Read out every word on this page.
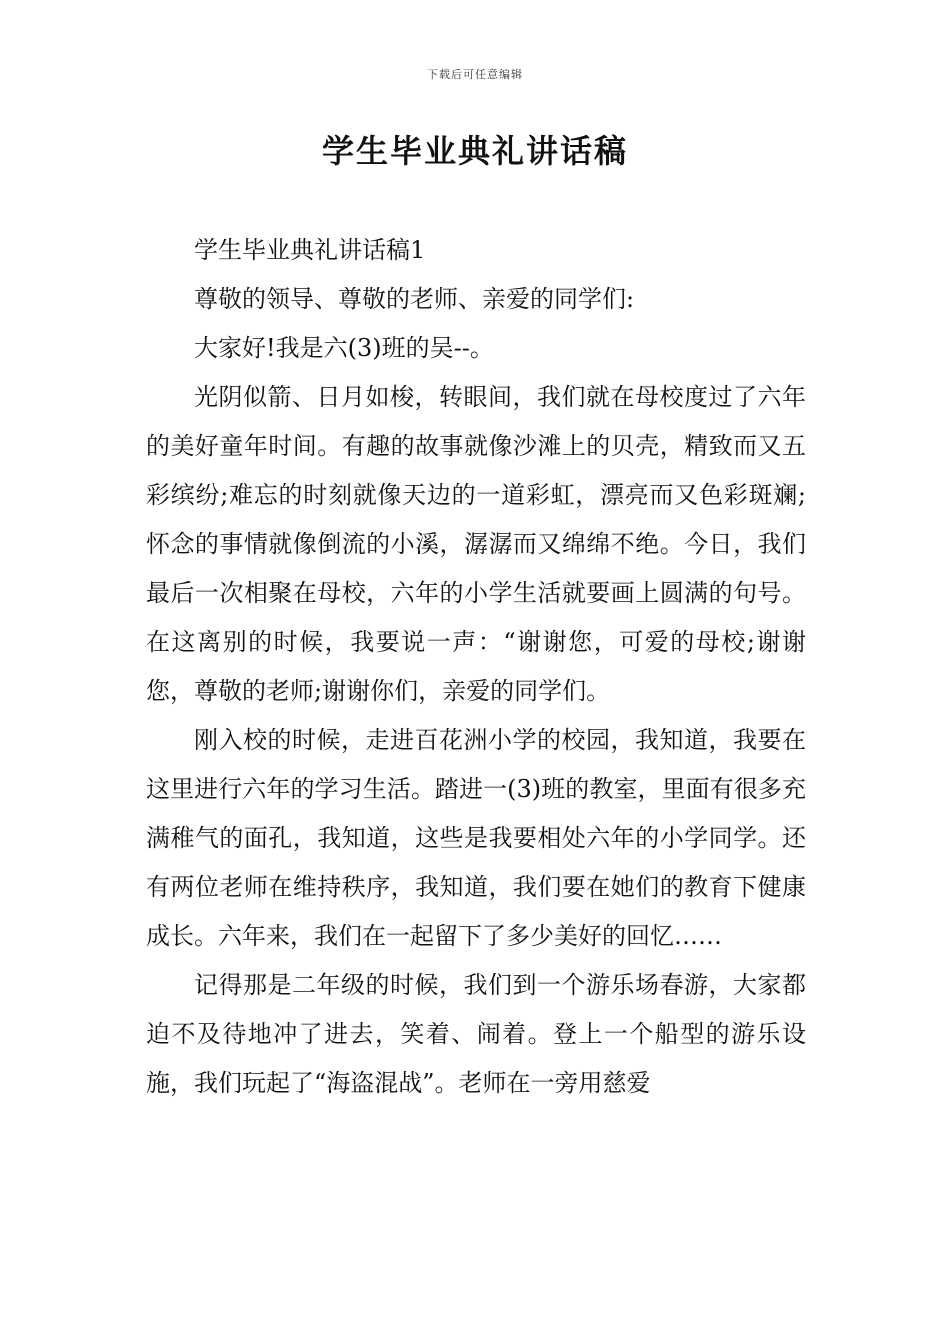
下载后可任意编辑
学生毕业典礼讲话稿

学生毕业典礼讲话稿1

尊敬的领导、尊敬的老师、亲爱的同学们:

大家好!我是六(3)班的吴--。

光阴似箭、日月如梭，转眼间，我们就在母校度过了六年的美好童年时间。有趣的故事就像沙滩上的贝壳，精致而又五彩缤纷;难忘的时刻就像天边的一道彩虹，漂亮而又色彩斑斓;怀念的事情就像倒流的小溪，潺潺而又绵绵不绝。今日，我们最后一次相聚在母校，六年的小学生活就要画上圆满的句号。在这离别的时候，我要说一声：“谢谢您，可爱的母校;谢谢您，尊敬的老师;谢谢你们，亲爱的同学们。

刚入校的时候，走进百花洲小学的校园，我知道，我要在这里进行六年的学习生活。踏进一(3)班的教室，里面有很多充满稚气的面孔，我知道，这些是我要相处六年的小学同学。还有两位老师在维持秩序，我知道，我们要在她们的教育下健康成长。六年来，我们在一起留下了多少美好的回忆……

记得那是二年级的时候，我们到一个游乐场春游，大家都迫不及待地冲了进去，笑着、闹着。登上一个船型的游乐设施，我们玩起了“海盗混战”。老师在一旁用慈爱
